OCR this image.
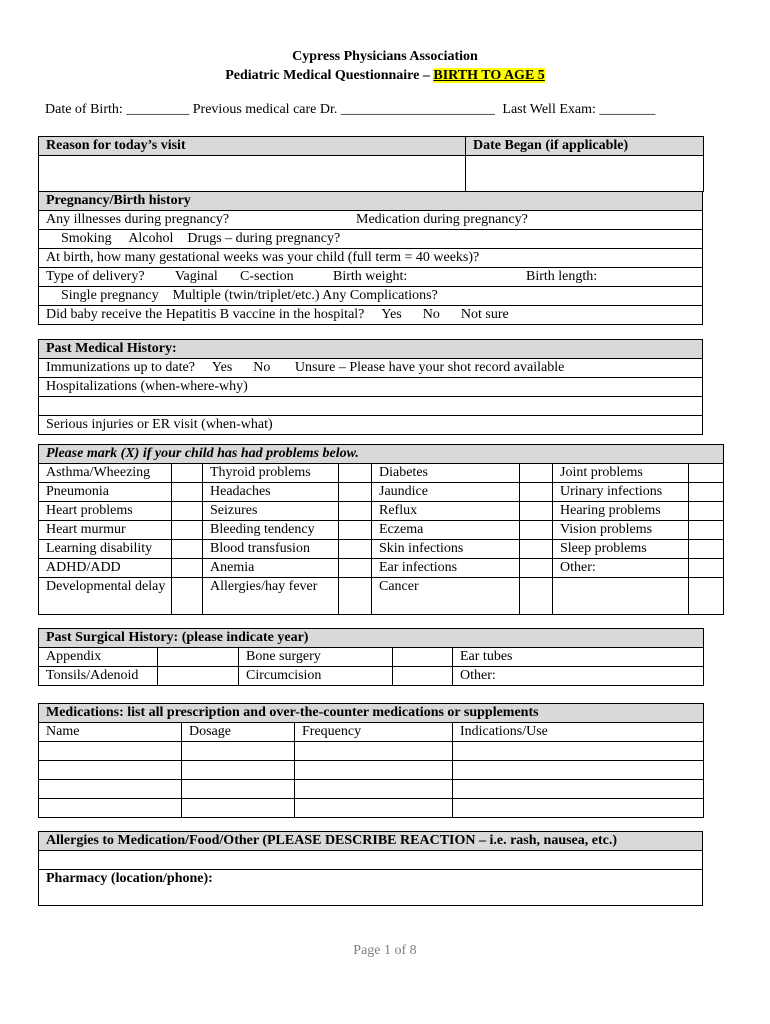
Cypress Physicians Association
Pediatric Medical Questionnaire – BIRTH TO AGE 5
Date of Birth: _________ Previous medical care Dr. ______________________ Last Well Exam: ________
Reason for today’s visit	Date Began (if applicable)

Pregnancy/Birth history
Any illnesses during pregnancy?	Medication during pregnancy?
Smoking Alcohol Drugs – during pregnancy?
At birth, how many gestational weeks was your child (full term = 40 weeks)?
Type of delivery? Vaginal C-section	Birth weight:	Birth length:
Single pregnancy Multiple (twin/triplet/etc.) Any Complications?
Did baby receive the Hepatitis B vaccine in the hospital? Yes No Not sure
Past Medical History:
Immunizations up to date? Yes No Unsure – Please have your shot record available
Hospitalizations (when-where-why)

Serious injuries or ER visit (when-what)
Please mark (X) if your child has had problems below.							
Asthma/Wheezing		Thyroid problems		Diabetes		Joint problems	
Pneumonia		Headaches		Jaundice		Urinary infections	
Heart problems		Seizures		Reflux		Hearing problems	
Heart murmur		Bleeding tendency		Eczema		Vision problems	
Learning disability		Blood transfusion		Skin infections		Sleep problems	
ADHD/ADD		Anemia		Ear infections		Other:	
Developmental delay		Allergies/hay fever		Cancer			
Past Surgical History: (please indicate year)				
Appendix		Bone surgery		Ear tubes
Tonsils/Adenoid		Circumcision		Other:
Medications: list all prescription and over-the-counter medications or supplements			
Name	Dosage	Frequency	Indications/Use

Allergies to Medication/Food/Other (PLEASE DESCRIBE REACTION – i.e. rash, nausea, etc.)

Pharmacy (location/phone):
Page 1 of 8
